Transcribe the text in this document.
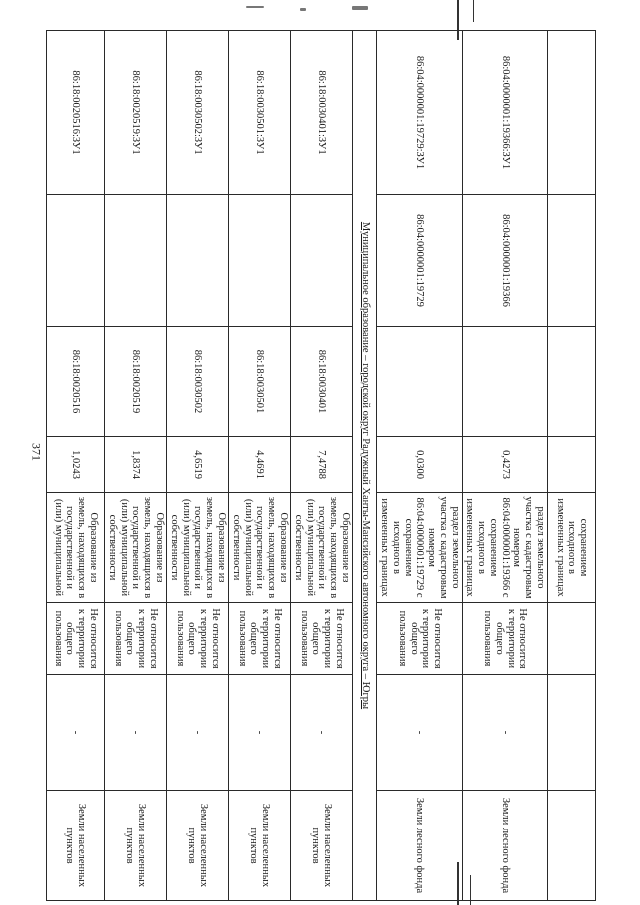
371
				сохранением исходного в измененных границах			
86:04:0000001:19366:ЗУ1	86:04:0000001:19366		0,4273	раздел земельного участка с кадастровым номером 86:04:0000001:19366 с сохранением исходного в измененных границах	Не относится к территории общего пользования	-	Земли лесного фонда
86:04:0000001:19729:ЗУ1	86:04:0000001:19729		0,0300	раздел земельного участка с кадастровым номером 86:04:0000001:19729 с сохранением исходного в измененных границах	Не относится к территории общего пользования	-	Земли лесного фонда
Муниципальное образование – городской округ Радужный Ханты-Мансийского автономного округа – Югры							
86:18:0030401:ЗУ1		86:18:0030401	7,4788	Образование из земель, находящихся в государственной и (или) муниципальной собственности	Не относится к территории общего пользования	-	Земли населенных пунктов
86:18:0030501:ЗУ1		86:18:0030501	4,4691	Образование из земель, находящихся в государственной и (или) муниципальной собственности	Не относится к территории общего пользования	-	Земли населенных пунктов
86:18:0030502:ЗУ1		86:18:0030502	4,6519	Образование из земель, находящихся в государственной и (или) муниципальной собственности	Не относится к территории общего пользования	-	Земли населенных пунктов
86:18:0020519:ЗУ1		86:18:0020519	1,8374	Образование из земель, находящихся в государственной и (или) муниципальной собственности	Не относится к территории общего пользования	-	Земли населенных пунктов
86:18:0020516:ЗУ1		86:18:0020516	1,0243	Образование из земель, находящихся в государственной и (или) муниципальной	Не относится к территории общего пользования	-	Земли населенных пунктов
